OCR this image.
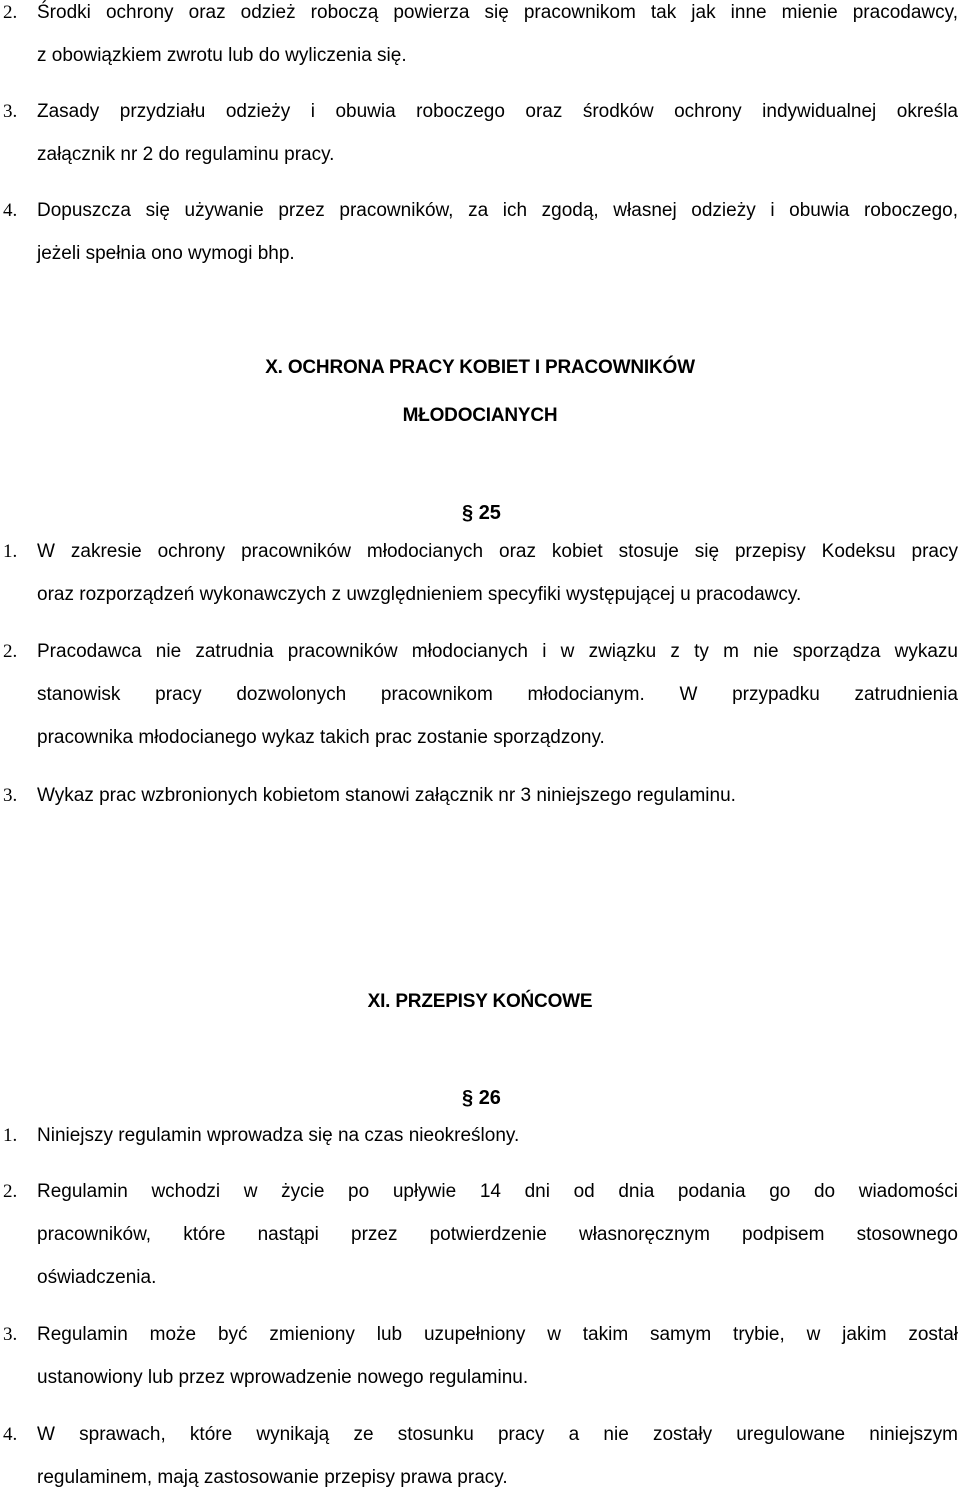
2. Środki ochrony oraz odzież roboczą powierza się pracownikom tak jak inne mienie pracodawcy,
z obowiązkiem zwrotu lub do wyliczenia się.
3. Zasady przydziału odzieży i obuwia roboczego oraz środków ochrony indywidualnej określa
załącznik nr 2 do regulaminu pracy.
4. Dopuszcza się używanie przez pracowników, za ich zgodą, własnej odzieży i obuwia roboczego,
jeżeli spełnia ono wymogi bhp.
X. OCHRONA PRACY KOBIET I PRACOWNIKÓW
MŁODOCIANYCH
§ 25
1. W zakresie ochrony pracowników młodocianych oraz kobiet stosuje się przepisy Kodeksu pracy
oraz rozporządzeń wykonawczych z uwzględnieniem specyfiki występującej u pracodawcy.
2. Pracodawca nie zatrudnia pracowników młodocianych i w związku z ty m nie sporządza wykazu
stanowisk pracy dozwolonych pracownikom młodocianym. W przypadku zatrudnienia
pracownika młodocianego wykaz takich prac zostanie sporządzony.
3. Wykaz prac wzbronionych kobietom stanowi załącznik nr 3 niniejszego regulaminu.
XI. PRZEPISY KOŃCOWE
§ 26
1. Niniejszy regulamin wprowadza się na czas nieokreślony.
2. Regulamin wchodzi w życie po upływie 14 dni od dnia podania go do wiadomości
pracowników, które nastąpi przez potwierdzenie własnoręcznym podpisem stosownego
oświadczenia.
3. Regulamin może być zmieniony lub uzupełniony w takim samym trybie, w jakim został
ustanowiony lub przez wprowadzenie nowego regulaminu.
4. W sprawach, które wynikają ze stosunku pracy a nie zostały uregulowane niniejszym
regulaminem, mają zastosowanie przepisy prawa pracy.
